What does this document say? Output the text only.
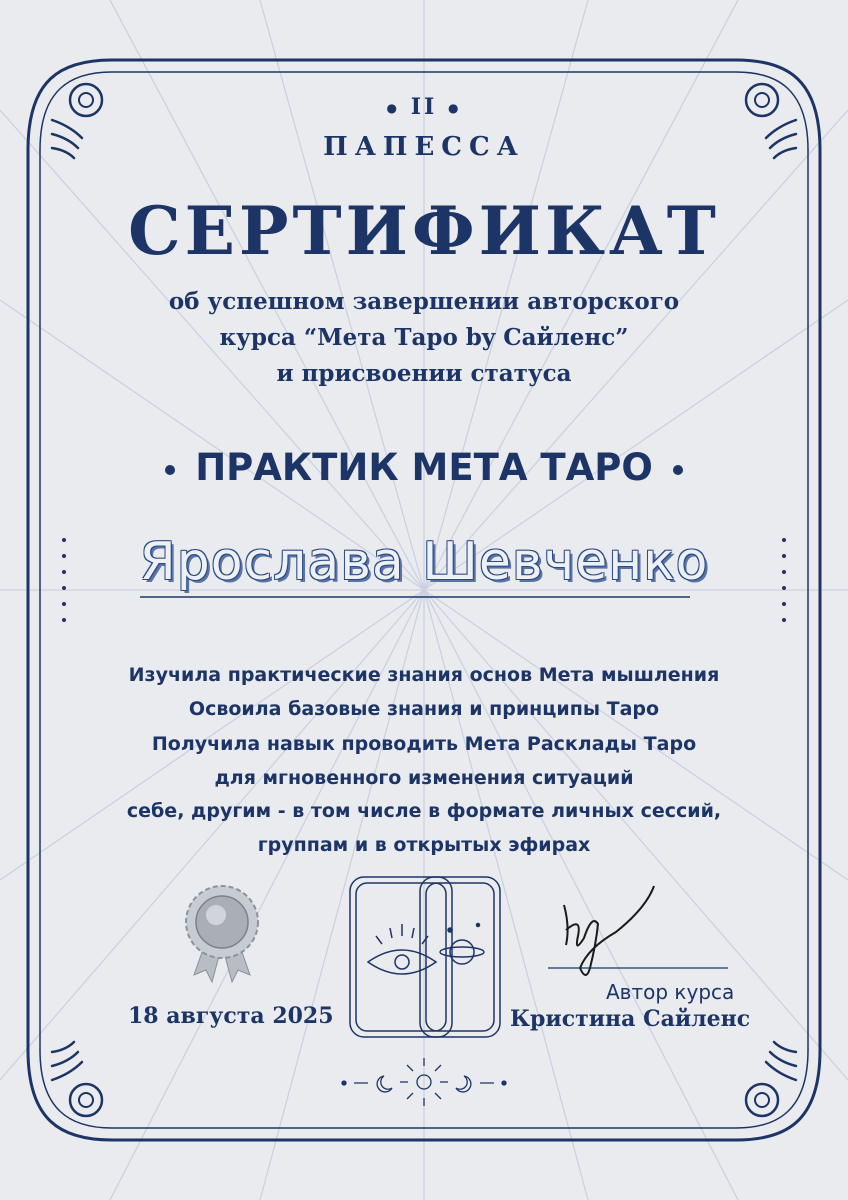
● II ●
ПАПЕССА
СЕРТИФИКАТ
об успешном завершении авторского
курса “Мета Таро by Сайленс”
и присвоении статуса
ПРАКТИК МЕТА ТАРО
Ярослава Шевченко
Изучила практические знания основ Мета мышления
Освоила базовые знания и принципы Таро
Получила навык проводить Мета Расклады Таро
для мгновенного изменения ситуаций
себе, другим - в том числе в формате личных сессий,
группам и в открытых эфирах
18 августа 2025
Автор курса
Кристина Сайленс
